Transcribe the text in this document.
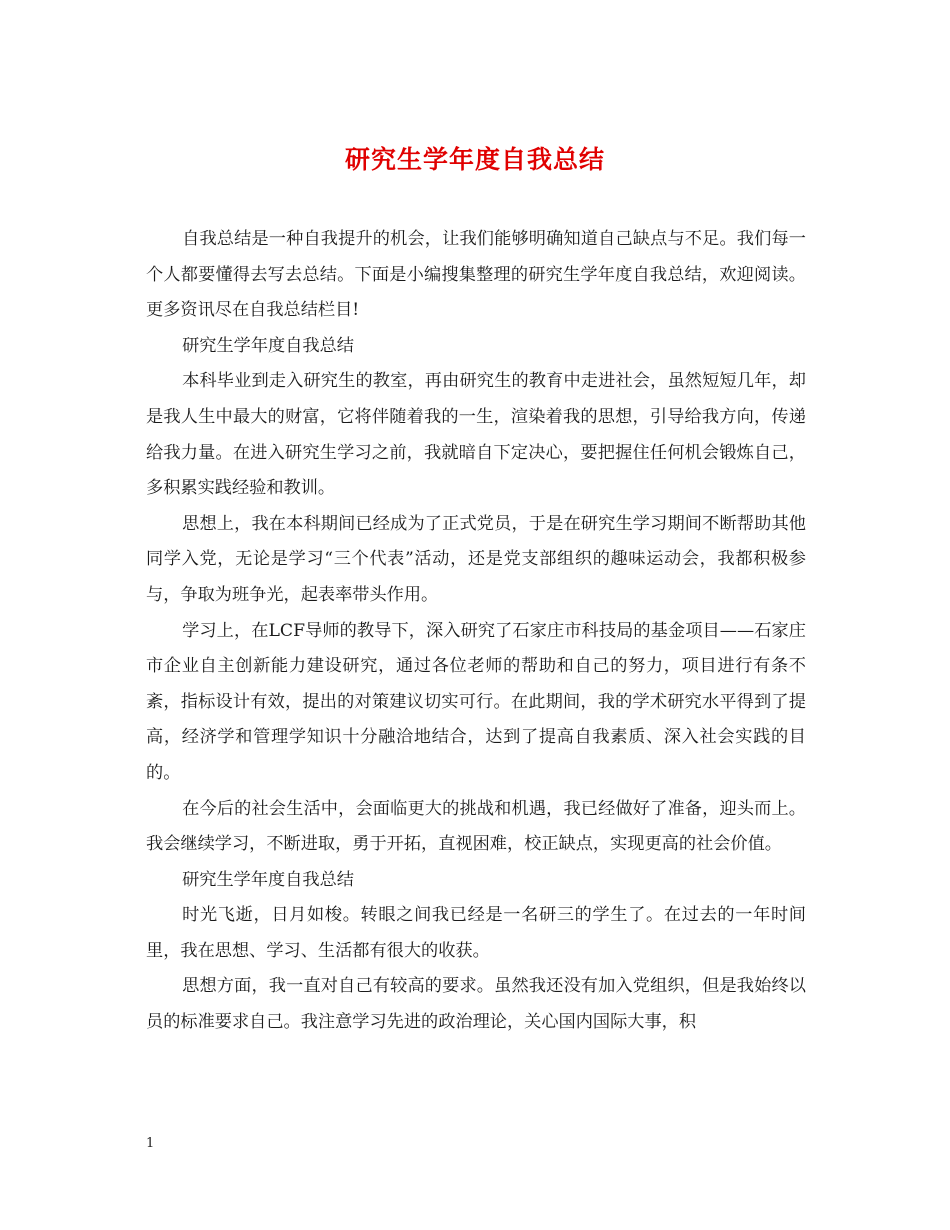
研究生学年度自我总结

自我总结是一种自我提升的机会，让我们能够明确知道自己缺点与不足。我们每一个人都要懂得去写去总结。下面是小编搜集整理的研究生学年度自我总结，欢迎阅读。更多资讯尽在自我总结栏目!

研究生学年度自我总结

本科毕业到走入研究生的教室，再由研究生的教育中走进社会，虽然短短几年，却是我人生中最大的财富，它将伴随着我的一生，渲染着我的思想，引导给我方向，传递给我力量。在进入研究生学习之前，我就暗自下定决心，要把握住任何机会锻炼自己，多积累实践经验和教训。

思想上，我在本科期间已经成为了正式党员，于是在研究生学习期间不断帮助其他同学入党，无论是学习“三个代表”活动，还是党支部组织的趣味运动会，我都积极参与，争取为班争光，起表率带头作用。

学习上，在LCF导师的教导下，深入研究了石家庄市科技局的基金项目——石家庄市企业自主创新能力建设研究，通过各位老师的帮助和自己的努力，项目进行有条不紊，指标设计有效，提出的对策建议切实可行。在此期间，我的学术研究水平得到了提高，经济学和管理学知识十分融洽地结合，达到了提高自我素质、深入社会实践的目的。

在今后的社会生活中，会面临更大的挑战和机遇，我已经做好了准备，迎头而上。我会继续学习，不断进取，勇于开拓，直视困难，校正缺点，实现更高的社会价值。

研究生学年度自我总结

时光飞逝，日月如梭。转眼之间我已经是一名研三的学生了。在过去的一年时间里，我在思想、学习、生活都有很大的收获。

思想方面，我一直对自己有较高的要求。虽然我还没有加入党组织，但是我始终以员的标准要求自己。我注意学习先进的政治理论，关心国内国际大事，积

1
